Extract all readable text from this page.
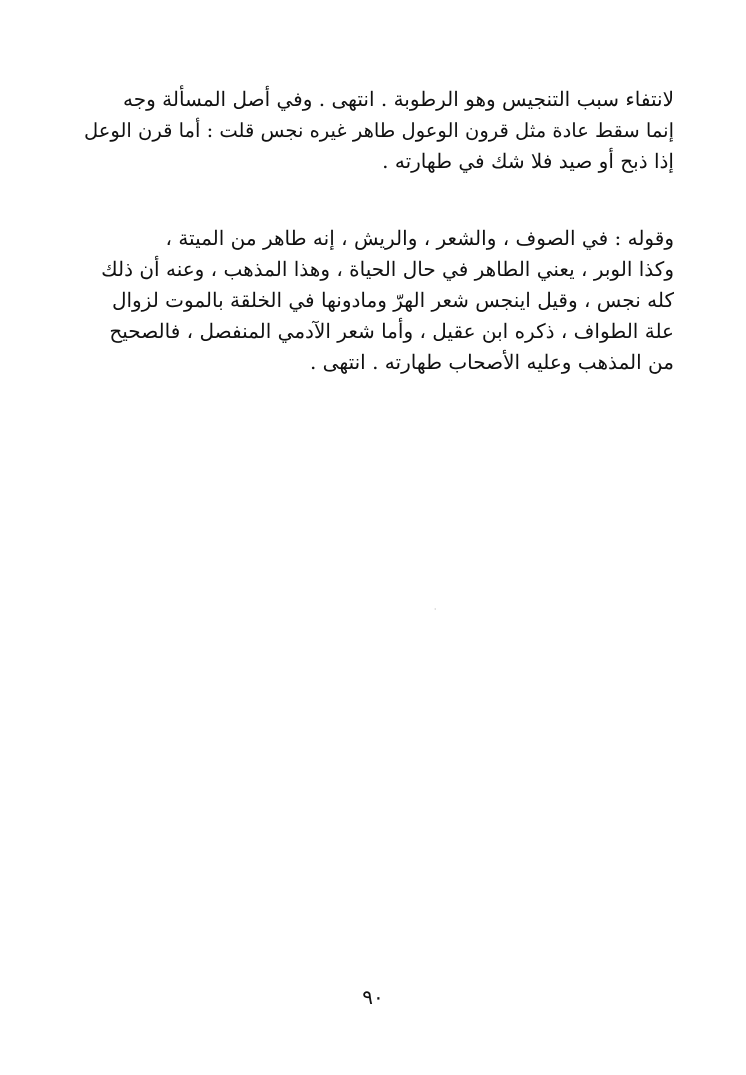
لانتفاء سبب التنجيس وهو الرطوبة . انتهى . وفي أصل المسألة وجه
إنما سقط عادة مثل قرون الوعول طاهر غيره نجس قلت : أما قرن الوعل
إذا ذبح أو صيد فلا شك في طهارته .
وقوله : في الصوف ، والشعر ، والريش ، إنه طاهر من الميتة ،
وكذا الوبر ، يعني الطاهر في حال الحياة ، وهذا المذهب ، وعنه أن ذلك
كله نجس ، وقيل اينجس شعر الهرّ ومادونها في الخلقة بالموت لزوال
علة الطواف ، ذكره ابن عقيل ، وأما شعر الآدمي المنفصل ، فالصحيح
من المذهب وعليه الأصحاب طهارته . انتهى .
⸱
٩٠
